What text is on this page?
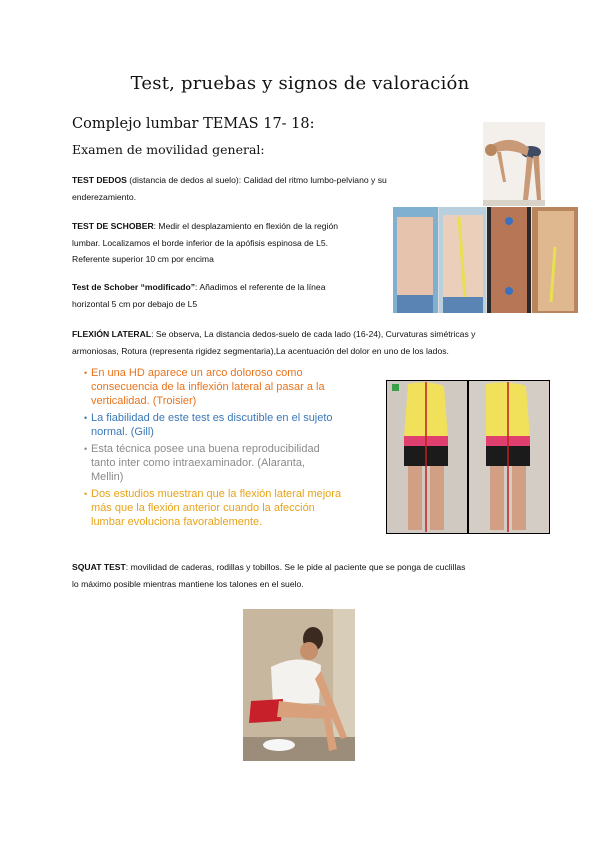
Test, pruebas y signos de valoración
Complejo lumbar TEMAS 17- 18:
Examen de movilidad general:
TEST DEDOS (distancia de dedos al suelo): Calidad del ritmo lumbo-pelviano y su
enderezamiento.
TEST DE SCHOBER: Medir el desplazamiento en flexión de la región
lumbar. Localizamos el borde inferior de la apófisis espinosa de L5.
Referente superior 10 cm por encima
Test de Schober “modificado”: Añadimos el referente de la línea
horizontal 5 cm por debajo de L5
FLEXIÓN LATERAL: Se observa, La distancia dedos-suelo de cada lado (16-24), Curvaturas simétricas y
armoniosas, Rotura (representa rigidez segmentaria),La acentuación del dolor en uno de los lados.
• En una HD aparece un arco doloroso como
consecuencia de la inflexión lateral al pasar a la
verticalidad. (Troisier)
• La fiabilidad de este test es discutible en el sujeto
normal. (Gill)
• Esta técnica posee una buena reproducibilidad
tanto inter como intraexaminador. (Alaranta,
Mellin)
• Dos estudios muestran que la flexión lateral mejora
más que la flexión anterior cuando la afección
lumbar evoluciona favorablemente.
SQUAT TEST: movilidad de caderas, rodillas y tobillos. Se le pide al paciente que se ponga de cuclillas
lo máximo posible mientras mantiene los talones en el suelo.
